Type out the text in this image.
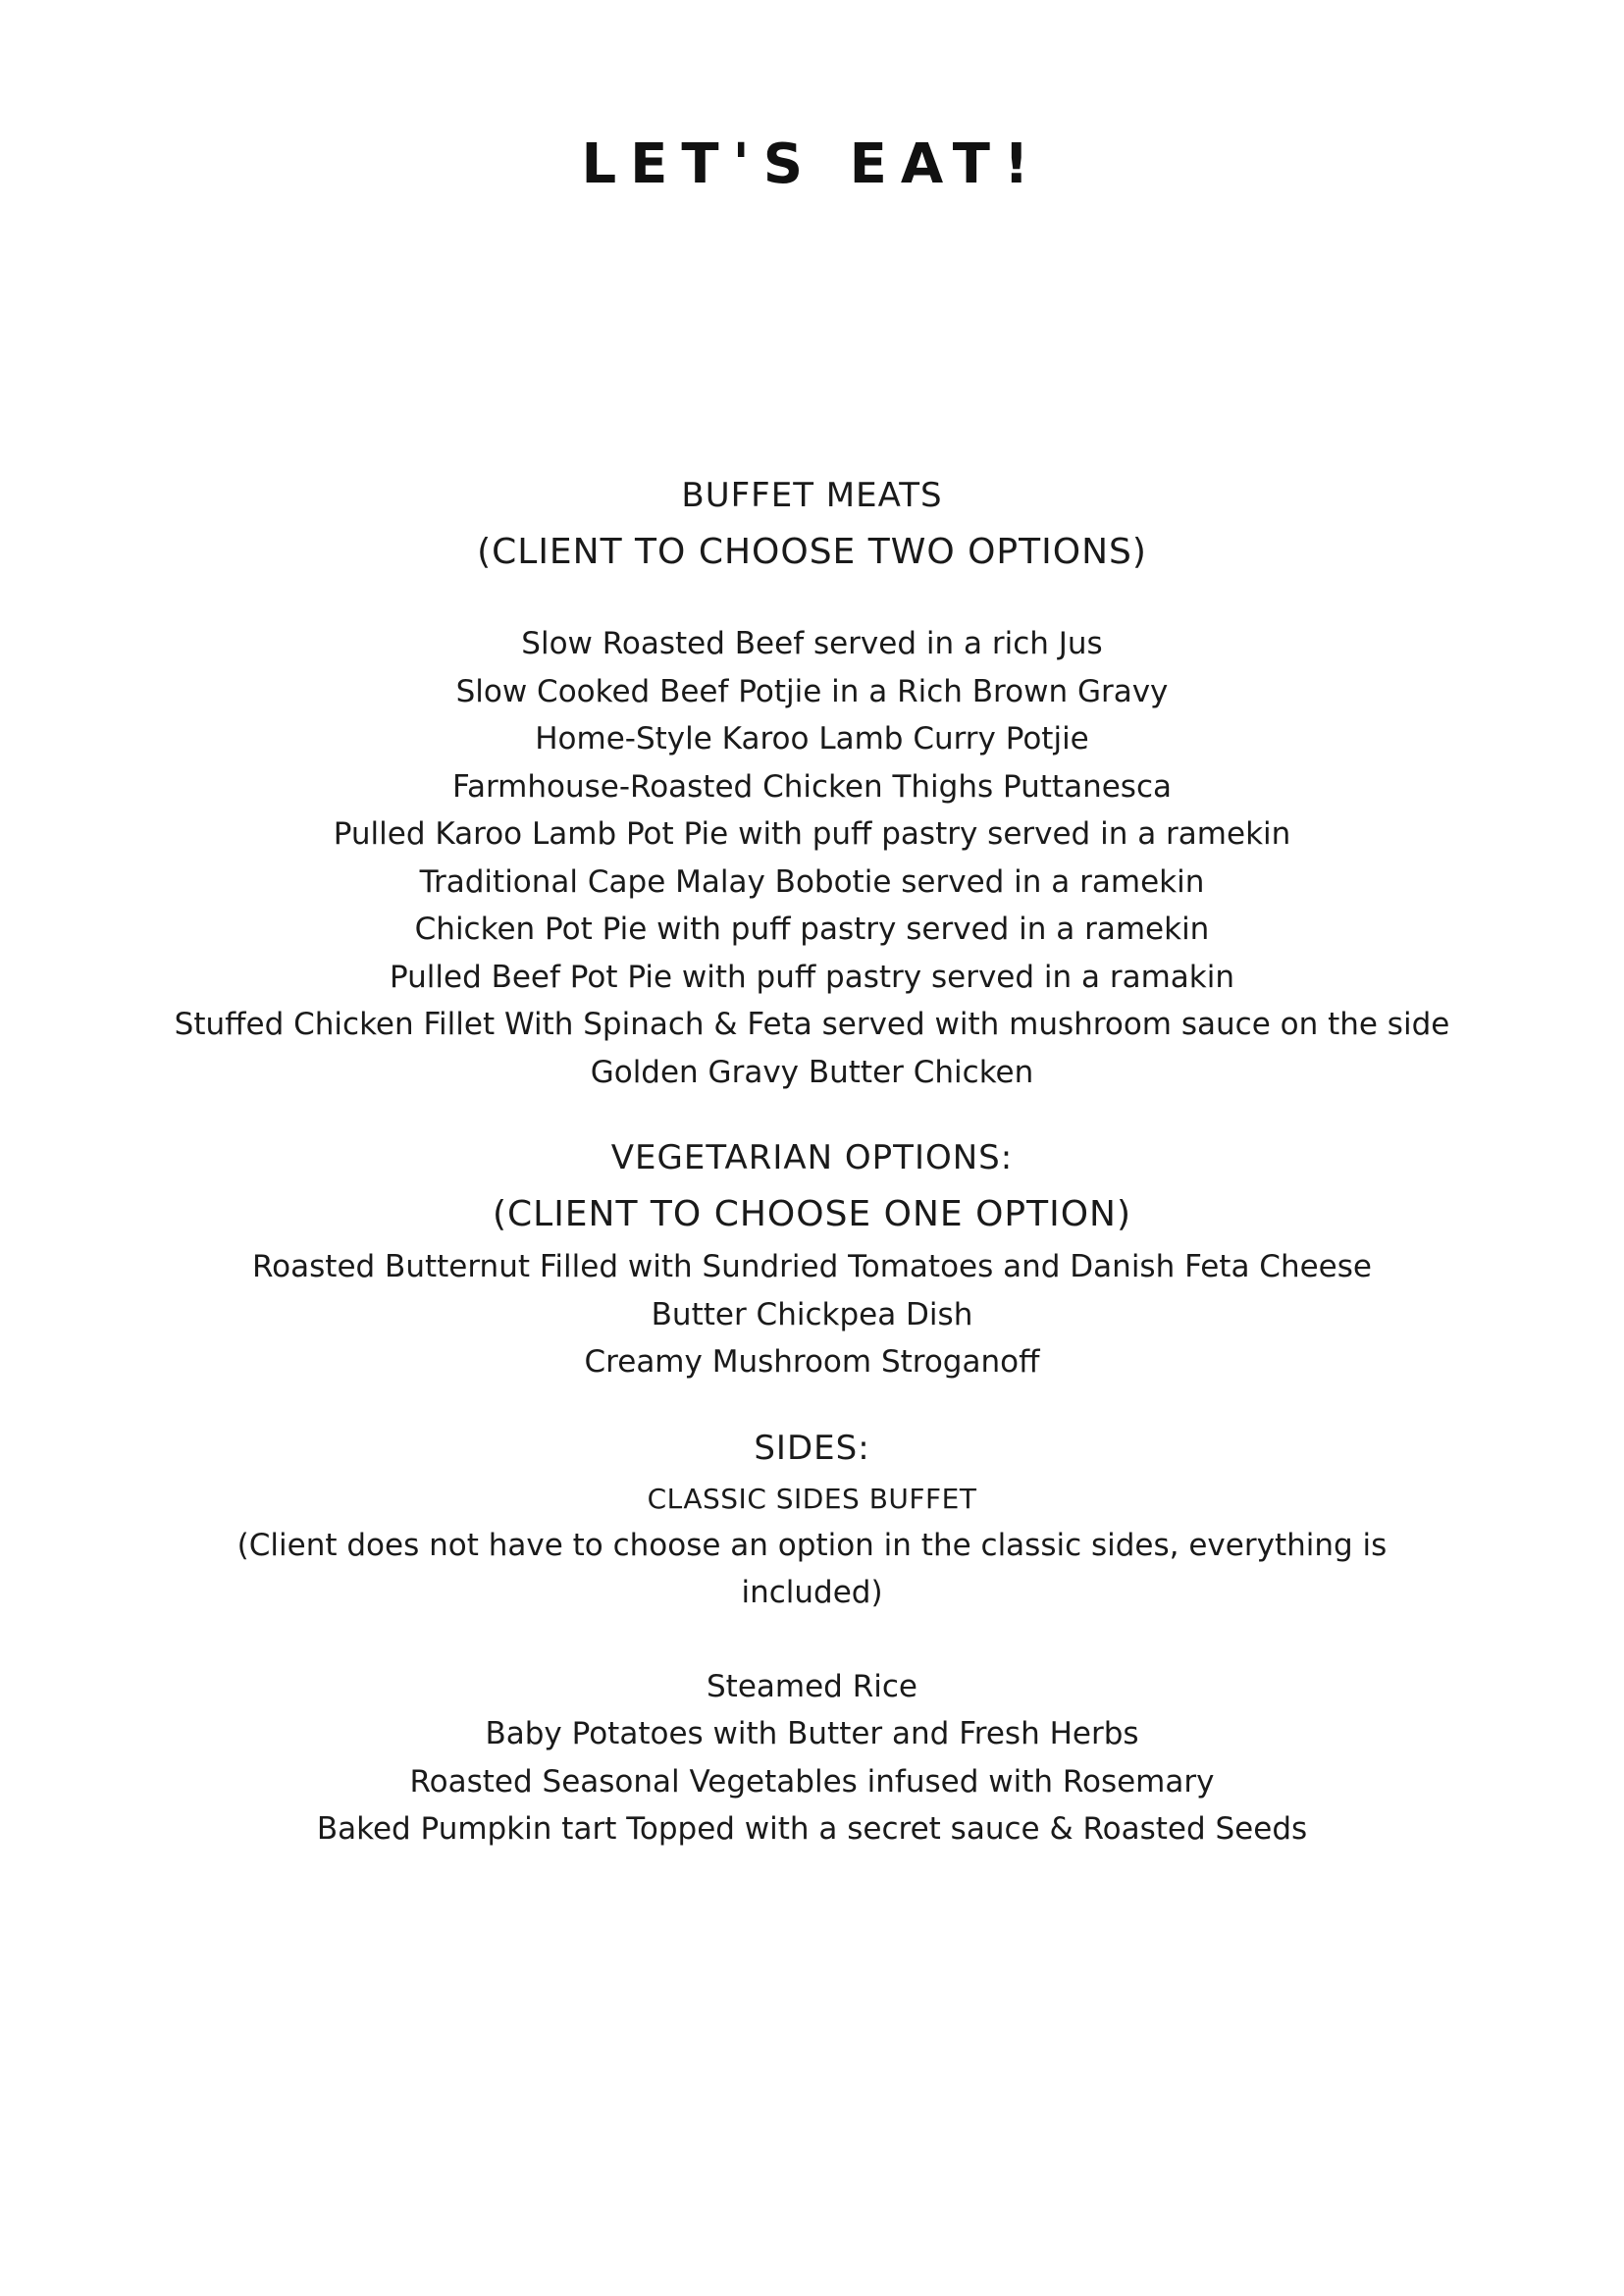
LET'S EAT!
BUFFET MEATS
(CLIENT TO CHOOSE TWO OPTIONS)
Slow Roasted Beef served in a rich Jus
Slow Cooked Beef Potjie in a Rich Brown Gravy
Home-Style Karoo Lamb Curry Potjie
Farmhouse-Roasted Chicken Thighs Puttanesca
Pulled Karoo Lamb Pot Pie with puff pastry served in a ramekin
Traditional Cape Malay Bobotie served in a ramekin
Chicken Pot Pie with puff pastry served in a ramekin
Pulled Beef Pot Pie with puff pastry served in a ramakin
Stuffed Chicken Fillet With Spinach & Feta served with mushroom sauce on the side
Golden Gravy Butter Chicken
VEGETARIAN OPTIONS:
(CLIENT TO CHOOSE ONE OPTION)
Roasted Butternut Filled with Sundried Tomatoes and Danish Feta Cheese
Butter Chickpea Dish
Creamy Mushroom Stroganoff
SIDES:
CLASSIC SIDES BUFFET
(Client does not have to choose an option in the classic sides, everything is included)
Steamed Rice
Baby Potatoes with Butter and Fresh Herbs
Roasted Seasonal Vegetables infused with Rosemary
Baked Pumpkin tart Topped with a secret sauce & Roasted Seeds
